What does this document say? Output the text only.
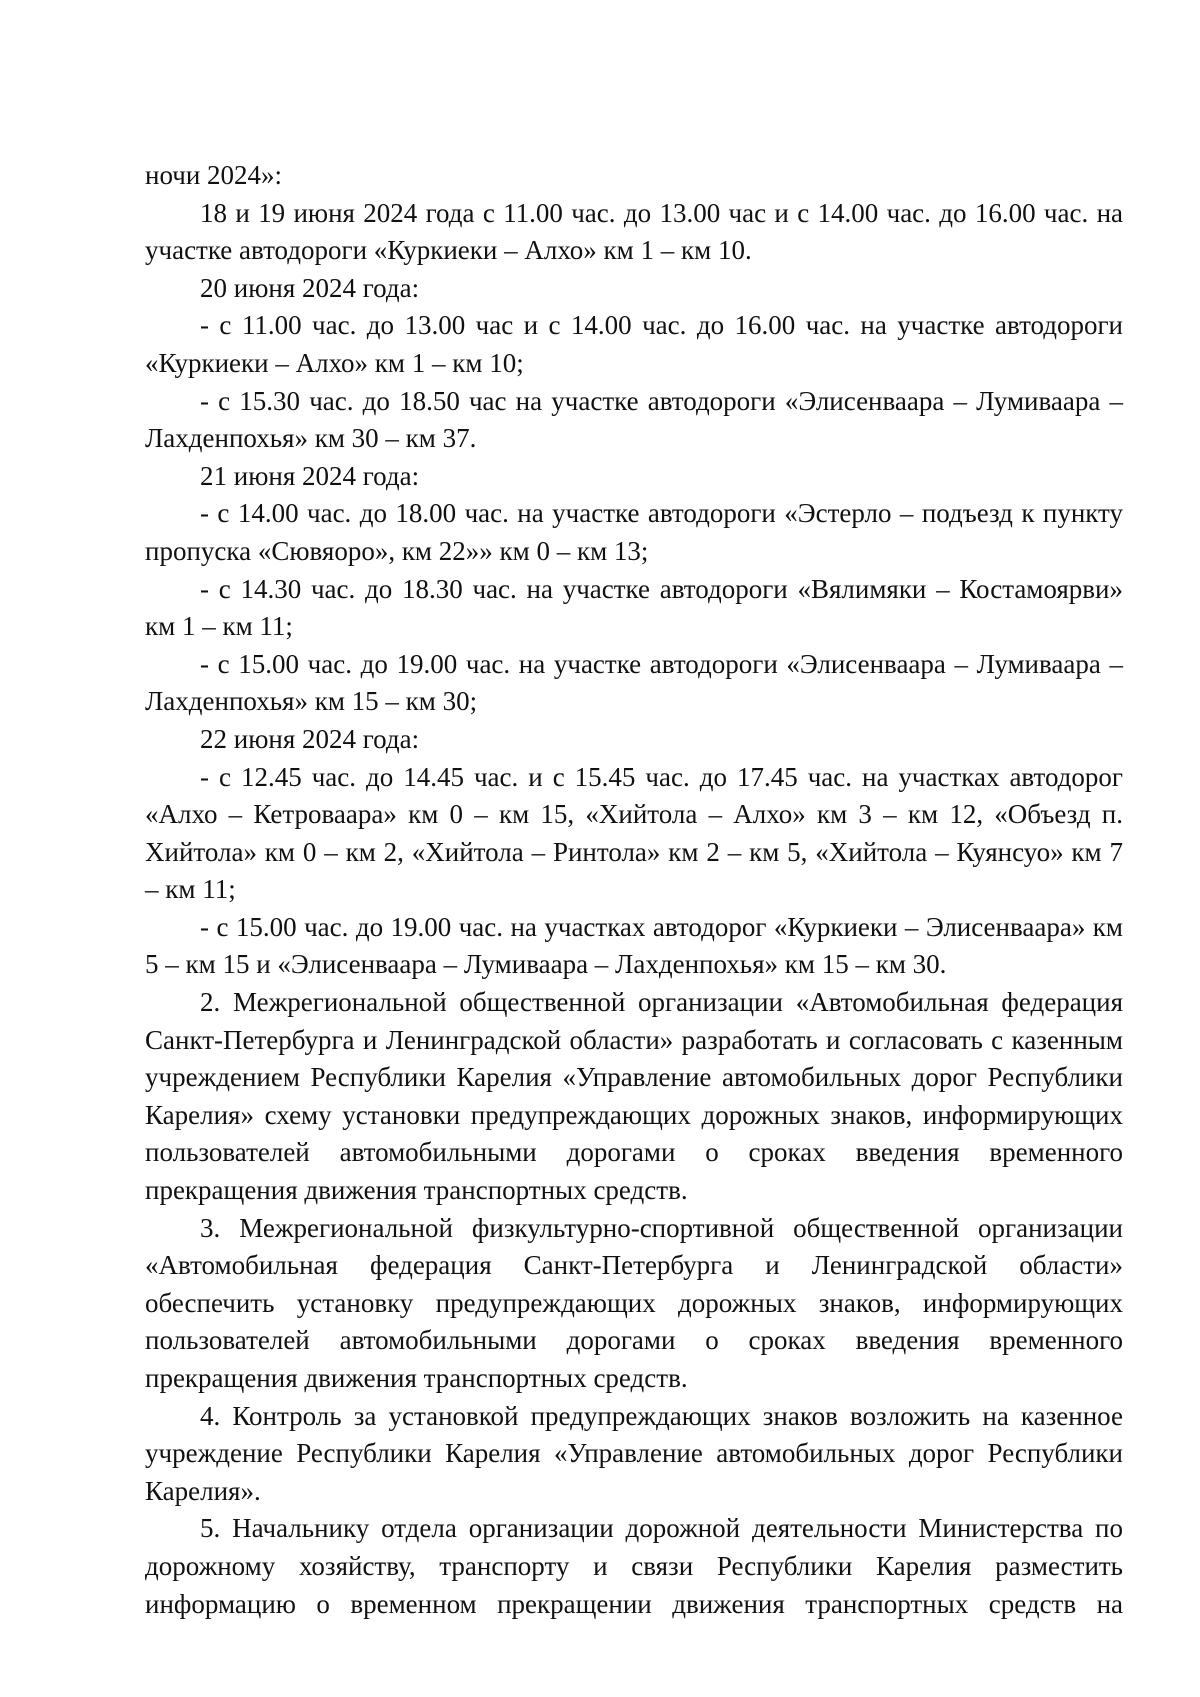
ночи 2024»:

18 и 19 июня 2024 года с 11.00 час. до 13.00 час и с 14.00 час. до 16.00 час. на участке автодороги «Куркиеки – Алхо» км 1 – км 10.

20 июня 2024 года:

- с 11.00 час. до 13.00 час и с 14.00 час. до 16.00 час. на участке автодороги «Куркиеки – Алхо» км 1 – км 10;

- с 15.30 час. до 18.50 час на участке автодороги «Элисенваара – Лумиваара – Лахденпохья» км 30 – км 37.

21 июня 2024 года:

- с 14.00 час. до 18.00 час. на участке автодороги «Эстерло – подъезд к пункту пропуска «Сювяоро», км 22»» км 0 – км 13;

- с 14.30 час. до 18.30 час. на участке автодороги «Вялимяки – Костамоярви» км 1 – км 11;

- с 15.00 час. до 19.00 час. на участке автодороги «Элисенваара – Лумиваара – Лахденпохья» км 15 – км 30;

22 июня 2024 года:

- с 12.45 час. до 14.45 час. и с 15.45 час. до 17.45 час. на участках автодорог «Алхо – Кетроваара» км 0 – км 15, «Хийтола – Алхо» км 3 – км 12, «Объезд п. Хийтола» км 0 – км 2, «Хийтола – Ринтола» км 2 – км 5, «Хийтола – Куянсуо» км 7 – км 11;

- с 15.00 час. до 19.00 час. на участках автодорог «Куркиеки – Элисенваара» км 5 – км 15 и «Элисенваара – Лумиваара – Лахденпохья» км 15 – км 30.

2. Межрегиональной общественной организации «Автомобильная федерация Санкт-Петербурга и Ленинградской области» разработать и согласовать с казенным учреждением Республики Карелия «Управление автомобильных дорог Республики Карелия» схему установки предупреждающих дорожных знаков, информирующих пользователей автомобильными дорогами о сроках введения временного прекращения движения транспортных средств.

3. Межрегиональной физкультурно-спортивной общественной организации «Автомобильная федерация Санкт-Петербурга и Ленинградской области» обеспечить установку предупреждающих дорожных знаков, информирующих пользователей автомобильными дорогами о сроках введения временного прекращения движения транспортных средств.

4. Контроль за установкой предупреждающих знаков возложить на казенное учреждение Республики Карелия «Управление автомобильных дорог Республики Карелия».

5. Начальнику отдела организации дорожной деятельности Министерства по дорожному хозяйству, транспорту и связи Республики Карелия разместить информацию о временном прекращении движения транспортных средств на
